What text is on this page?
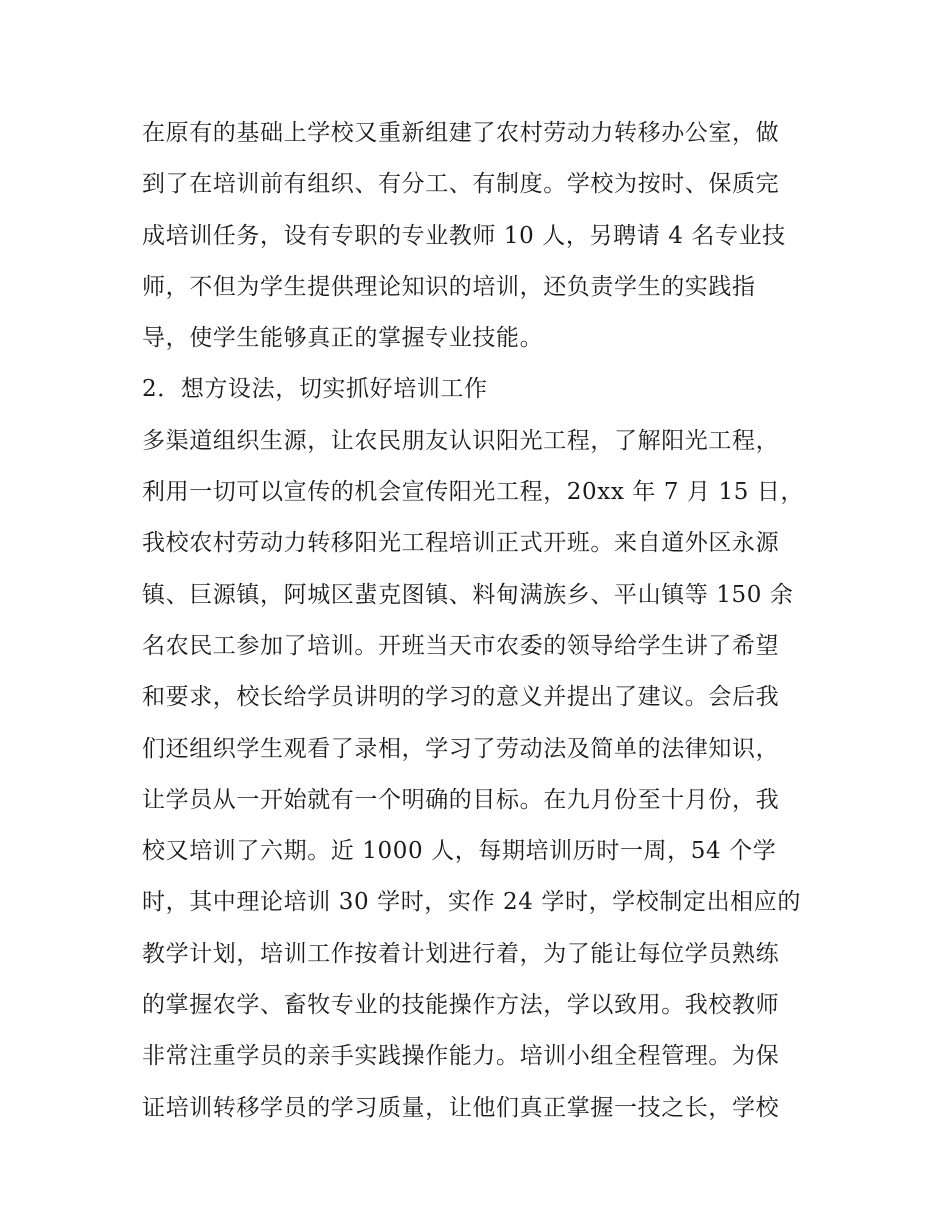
在原有的基础上学校又重新组建了农村劳动力转移办公室，做
到了在培训前有组织、有分工、有制度。学校为按时、保质完
成培训任务，设有专职的专业教师 10 人，另聘请 4 名专业技
师，不但为学生提供理论知识的培训，还负责学生的实践指
导，使学生能够真正的掌握专业技能。
2．想方设法，切实抓好培训工作
多渠道组织生源，让农民朋友认识阳光工程，了解阳光工程，
利用一切可以宣传的机会宣传阳光工程，20xx 年 7 月 15 日，
我校农村劳动力转移阳光工程培训正式开班。来自道外区永源
镇、巨源镇，阿城区蜚克图镇、料甸满族乡、平山镇等 150 余
名农民工参加了培训。开班当天市农委的领导给学生讲了希望
和要求，校长给学员讲明的学习的意义并提出了建议。会后我
们还组织学生观看了录相，学习了劳动法及简单的法律知识，
让学员从一开始就有一个明确的目标。在九月份至十月份，我
校又培训了六期。近 1000 人，每期培训历时一周，54 个学
时，其中理论培训 30 学时，实作 24 学时，学校制定出相应的
教学计划，培训工作按着计划进行着，为了能让每位学员熟练
的掌握农学、畜牧专业的技能操作方法，学以致用。我校教师
非常注重学员的亲手实践操作能力。培训小组全程管理。为保
证培训转移学员的学习质量，让他们真正掌握一技之长，学校
